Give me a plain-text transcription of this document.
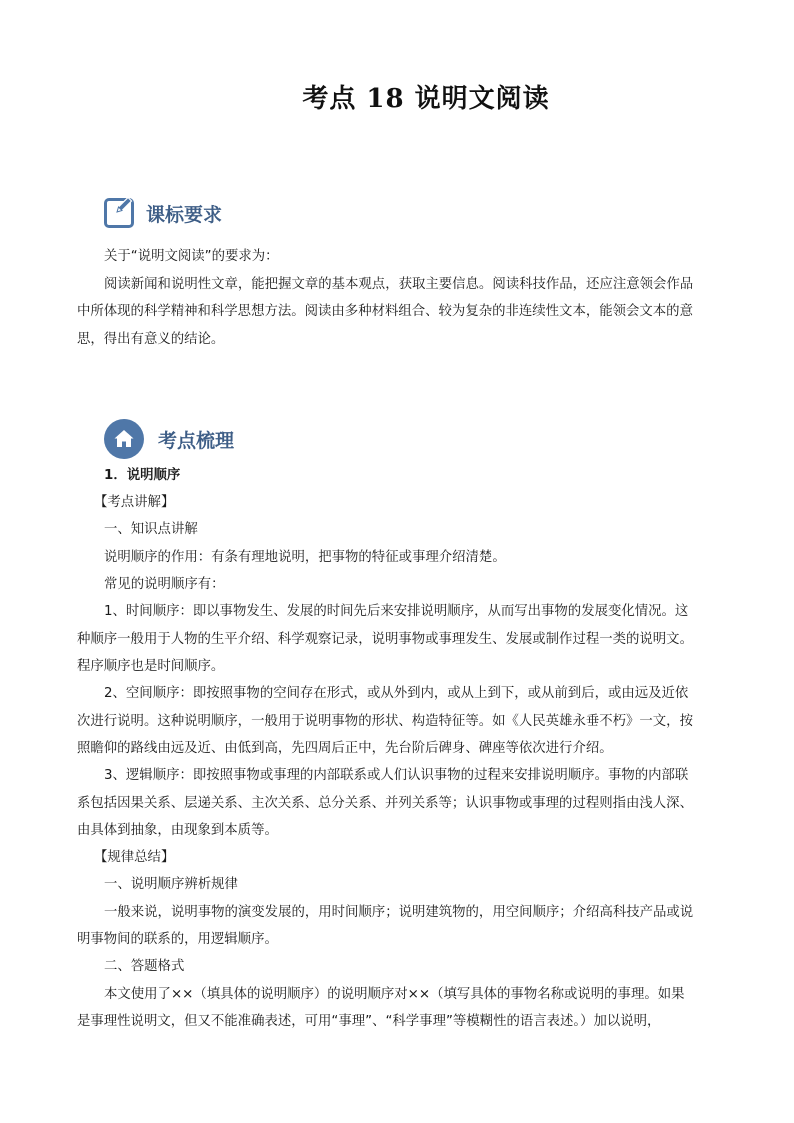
考点 18 说明文阅读
课标要求
关于“说明文阅读”的要求为：
阅读新闻和说明性文章，能把握文章的基本观点，获取主要信息。阅读科技作品，还应注意领会作品
中所体现的科学精神和科学思想方法。阅读由多种材料组合、较为复杂的非连续性文本，能领会文本的意
思，得出有意义的结论。
考点梳理
1．说明顺序
【考点讲解】
一、知识点讲解
说明顺序的作用：有条有理地说明，把事物的特征或事理介绍清楚。
常见的说明顺序有：
1、时间顺序：即以事物发生、发展的时间先后来安排说明顺序，从而写出事物的发展变化情况。这
种顺序一般用于人物的生平介绍、科学观察记录，说明事物或事理发生、发展或制作过程一类的说明文。
程序顺序也是时间顺序。
2、空间顺序：即按照事物的空间存在形式，或从外到内，或从上到下，或从前到后，或由远及近依
次进行说明。这种说明顺序，一般用于说明事物的形状、构造特征等。如《人民英雄永垂不朽》一文，按
照瞻仰的路线由远及近、由低到高，先四周后正中，先台阶后碑身、碑座等依次进行介绍。
3、逻辑顺序：即按照事物或事理的内部联系或人们认识事物的过程来安排说明顺序。事物的内部联
系包括因果关系、层递关系、主次关系、总分关系、并列关系等；认识事物或事理的过程则指由浅人深、
由具体到抽象，由现象到本质等。
【规律总结】
一、说明顺序辨析规律
一般来说，说明事物的演变发展的，用时间顺序；说明建筑物的，用空间顺序；介绍高科技产品或说
明事物间的联系的，用逻辑顺序。
二、答题格式
本文使用了××（填具体的说明顺序）的说明顺序对××（填写具体的事物名称或说明的事理。如果
是事理性说明文，但又不能准确表述，可用“事理”、“科学事理”等模糊性的语言表述。）加以说明，
